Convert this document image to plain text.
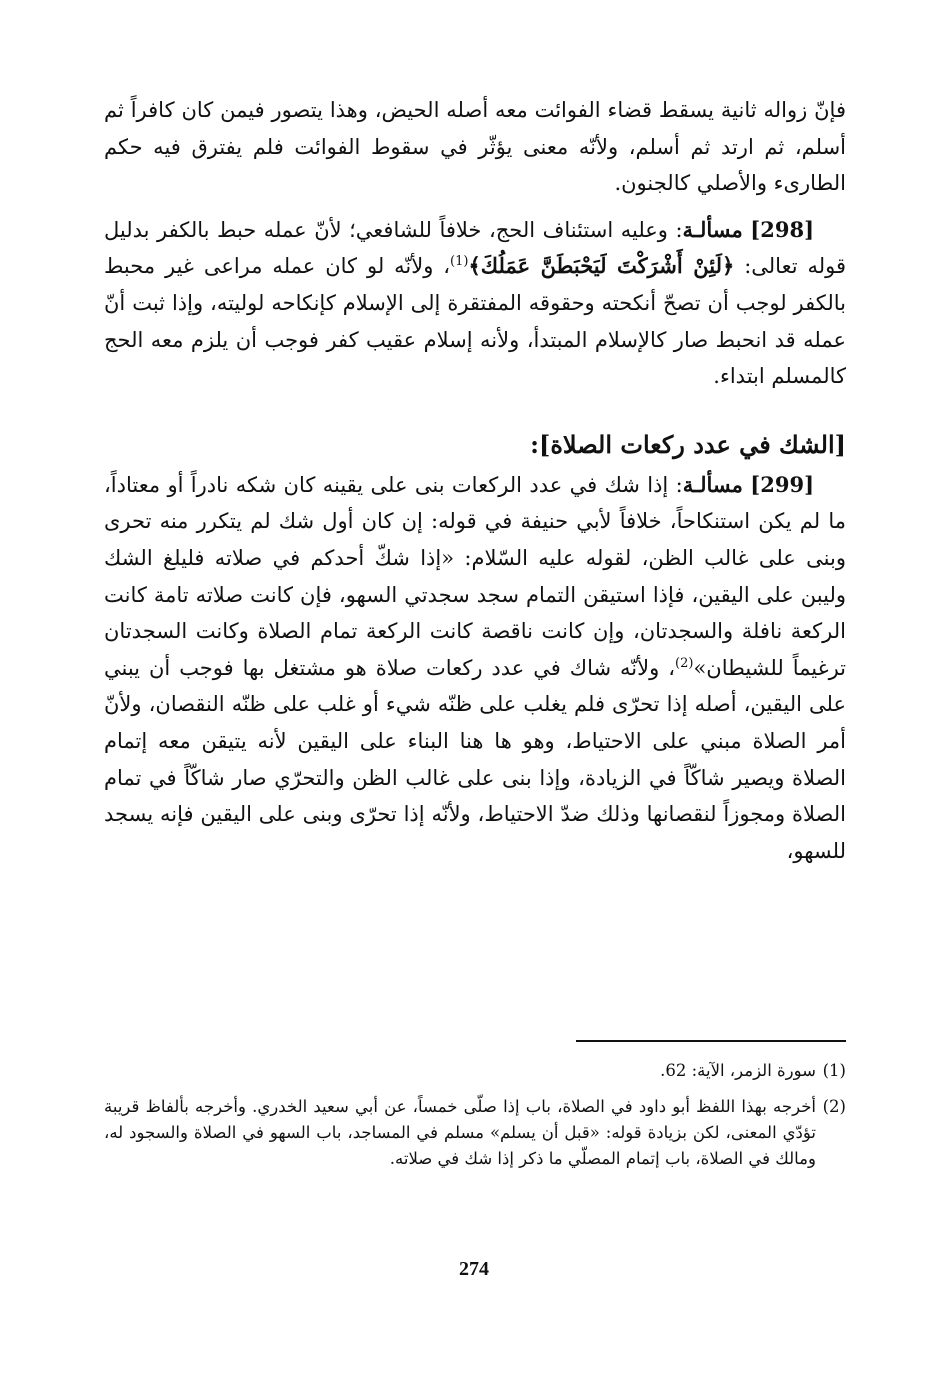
فإنّ زواله ثانية يسقط قضاء الفوائت معه أصله الحيض، وهذا يتصور فيمن كان كافراً ثم أسلم، ثم ارتد ثم أسلم، ولأنّه معنى يؤثّر في سقوط الفوائت فلم يفترق فيه حكم الطارىء والأصلي كالجنون.

[298] مسألـة: وعليه استئناف الحج، خلافاً للشافعي؛ لأنّ عمله حبط بالكفر بدليل قوله تعالى: ﴿لَئِنْ أَشْرَكْتَ لَيَحْبَطَنَّ عَمَلُكَ﴾$^{(1)}$، ولأنّه لو كان عمله مراعى غير محبط بالكفر لوجب أن تصحّ أنكحته وحقوقه المفتقرة إلى الإسلام كإنكاحه لوليته، وإذا ثبت أنّ عمله قد انحبط صار كالإسلام المبتدأ، ولأنه إسلام عقيب كفر فوجب أن يلزم معه الحج كالمسلم ابتداء.

[الشك في عدد ركعات الصلاة]:

[299] مسألـة: إذا شك في عدد الركعات بنى على يقينه كان شكه نادراً أو معتاداً، ما لم يكن استنكاحاً، خلافاً لأبي حنيفة في قوله: إن كان أول شك لم يتكرر منه تحرى وبنى على غالب الظن، لقوله عليه السّلام: «إذا شكّ أحدكم في صلاته فليلغ الشك وليبن على اليقين، فإذا استيقن التمام سجد سجدتي السهو، فإن كانت صلاته تامة كانت الركعة نافلة والسجدتان، وإن كانت ناقصة كانت الركعة تمام الصلاة وكانت السجدتان ترغيماً للشيطان»$^{(2)}$، ولأنّه شاك في عدد ركعات صلاة هو مشتغل بها فوجب أن يبني على اليقين، أصله إذا تحرّى فلم يغلب على ظنّه شيء أو غلب على ظنّه النقصان، ولأنّ أمر الصلاة مبني على الاحتياط، وهو ها هنا البناء على اليقين لأنه يتيقن معه إتمام الصلاة ويصير شاكّاً في الزيادة، وإذا بنى على غالب الظن والتحرّي صار شاكّاً في تمام الصلاة ومجوزاً لنقصانها وذلك ضدّ الاحتياط، ولأنّه إذا تحرّى وبنى على اليقين فإنه يسجد للسهو،

(1)
سورة الزمر، الآية: 62.
(2)
أخرجه بهذا اللفظ أبو داود في الصلاة، باب إذا صلّى خمساً، عن أبي سعيد الخدري. وأخرجه بألفاظ قريبة تؤدّي المعنى، لكن بزيادة قوله: «قبل أن يسلم» مسلم في المساجد، باب السهو في الصلاة والسجود له، ومالك في الصلاة، باب إتمام المصلّي ما ذكر إذا شك في صلاته.
274
